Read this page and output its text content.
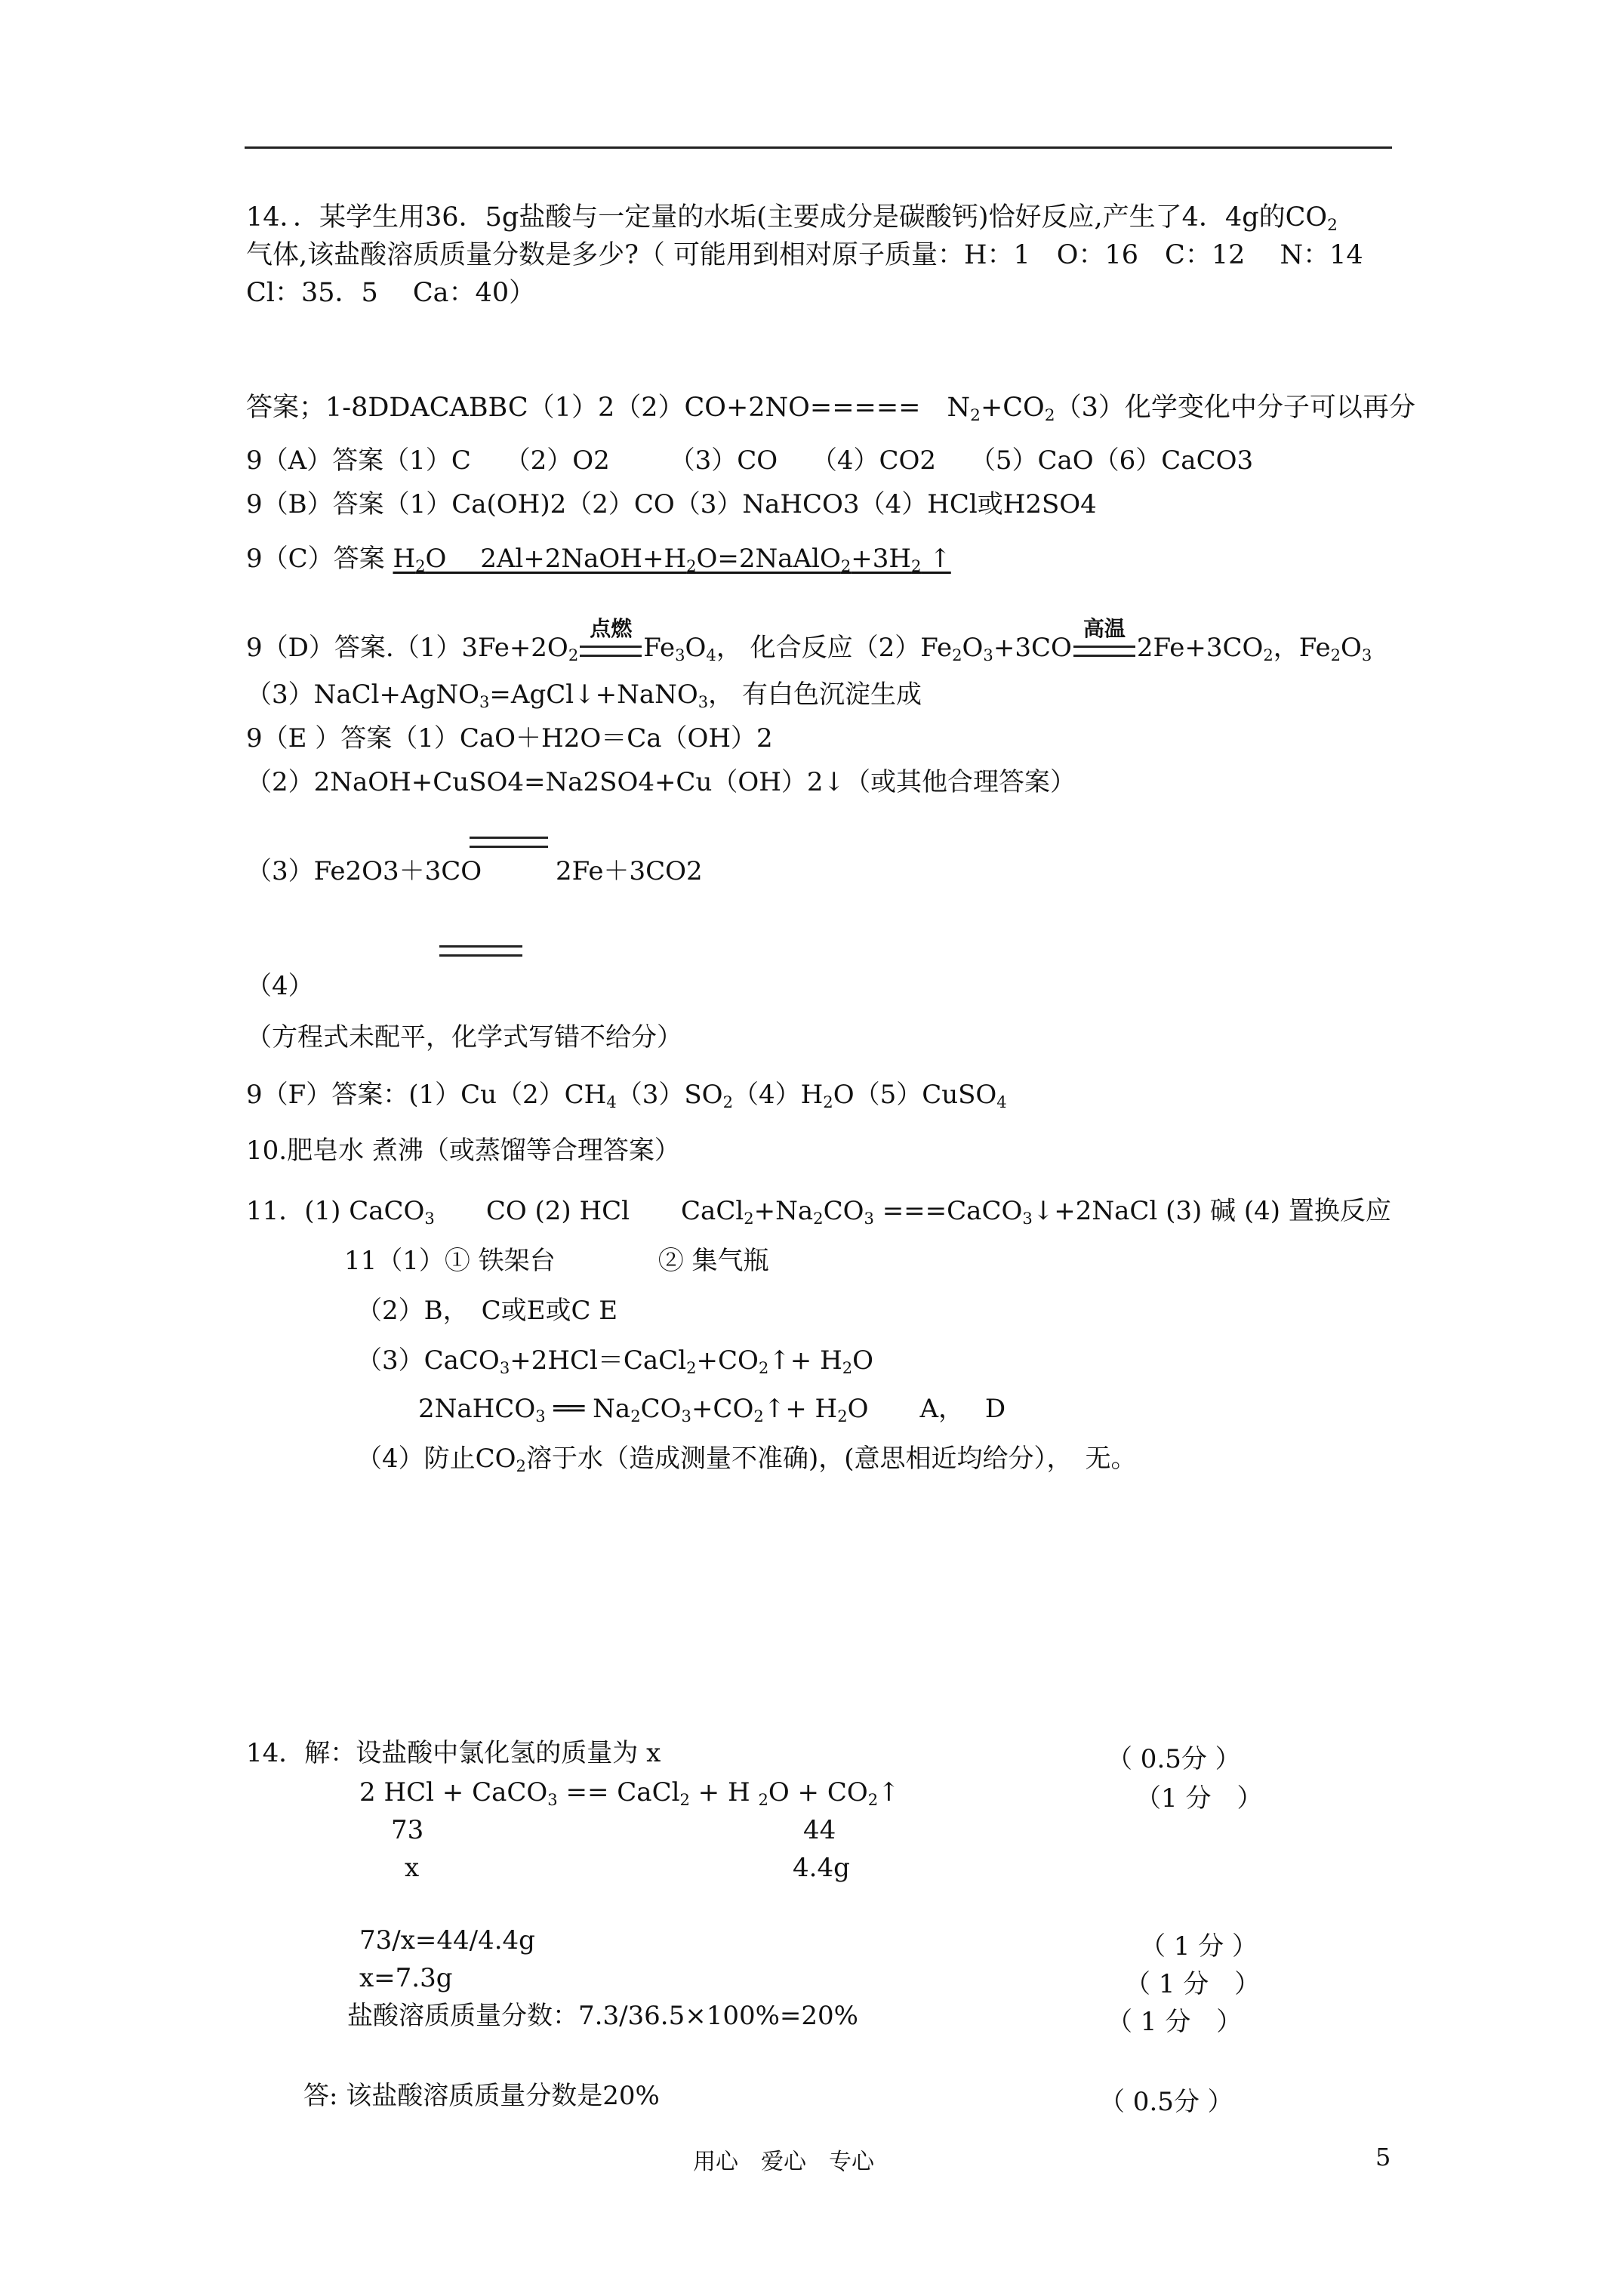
14．．某学生用36．5g盐酸与一定量的水垢(主要成分是碳酸钙)恰好反应,产生了4．4g的$CO_2$
气体,该盐酸溶质质量分数是多少?（ 可能用到相对原子质量：H：1　O：16　C：12　 N：14
Cl：35．5　 Ca：40）
答案；1-8DDACABBC（1）2（2）CO+2NO=====　$N_2+CO_2(3)$化学变化中分子可以再分
9（A）答案（1）C　 （2）O2　　 （3）CO　 （4）CO2　 （5）CaO（6）CaCO3
9（B）答案（1）Ca(OH)2（2）CO（3）NaHCO3（4）HCl或H2SO4
9（C）答案 $H_2O$　 $2Al+2NaOH+H_2O=2NaAlO_2+3H_2$ ↑
9（D）答案$.(1)3Fe+2O_2$
点燃
$Fe_3O_4$， 化合反应$(2)Fe_2O_3+3CO$
高温
$2Fe+3CO_2$，$Fe_2O_3$
（3）NaCl+AgNO$_3$=AgCl↓+NaNO$_3$， 有白色沉淀生成
9（E ）答案（1）CaO＋H2O＝Ca（OH）2
（2）2NaOH+CuSO4=Na2SO4+Cu（OH）2↓（或其他合理答案）
（3）Fe2O3＋3CO	2Fe＋3CO2
（4）
（方程式未配平，化学式写错不给分）
9（F）答案：$(1)Cu(2)CH_4(3)SO_2(4)H_2O(5)CuSO_4$
10.肥皂水 煮沸（或蒸馏等合理答案）
11．(1) CaCO$_3$　　CO (2) HCl　　$CaCl_2+Na_2CO_3$ ===CaCO$_3$↓+2NaCl (3) 碱 (4) 置换反应
11（1）① 铁架台　　　　② 集气瓶
（2）B，　C或E或C E
$(3)CaCO_3+2HCl=CaCl_2+CO_2↑+ H_2O$
2NaHCO$_3$ ══ $Na_2CO_3+CO_2↑+ H_2O$　　A，　 D
（4）防止$CO_2$溶于水（造成测量不准确)，(意思相近均给分），　无。
14．解：设盐酸中氯化氢的质量为 x	（ 0.5分 ）
2 HCl + CaCO$_3$ == CaCl$_2$ + H $_2O + CO_2↑$	（1 分　）
73	44
x	4.4g
73/x=44/4.4g	（ 1 分 ）
x=7.3g	（ 1 分　）
盐酸溶质质量分数：7.3/36.5×100%=20%	（ 1 分　）
答: 该盐酸溶质质量分数是20%	（ 0.5分 ）
用心　爱心　专心	5
